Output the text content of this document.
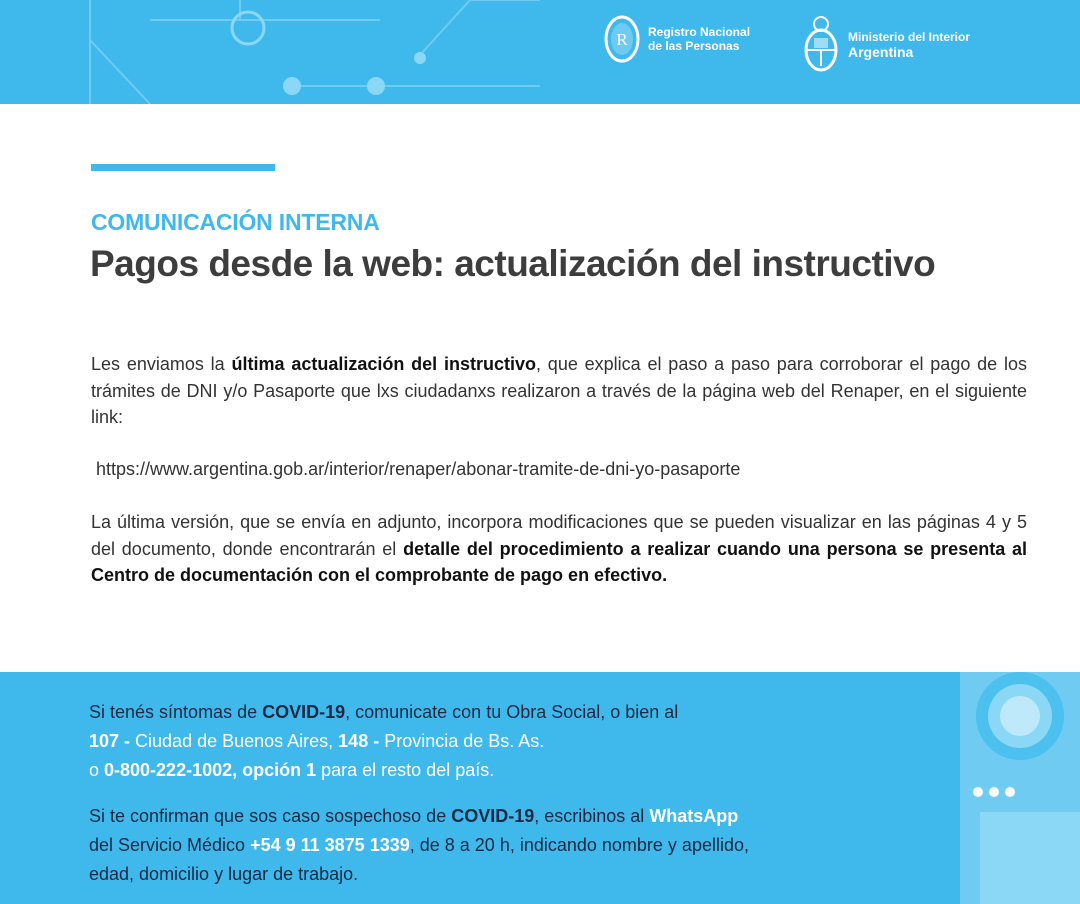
R Registro Nacional
de las Personas
Ministerio del Interior
Argentina
COMUNICACIÓN INTERNA
Pagos desde la web: actualización del instructivo
Les enviamos la última actualización del instructivo, que explica el paso a paso para corroborar el pago de los trámites de DNI y/o Pasaporte que lxs ciudadanxs realizaron a través de la página web del Renaper, en el siguiente link:
https://www.argentina.gob.ar/interior/renaper/abonar-tramite-de-dni-yo-pasaporte
La última versión, que se envía en adjunto, incorpora modificaciones que se pueden visualizar en las páginas 4 y 5 del documento, donde encontrarán el detalle del procedimiento a realizar cuando una persona se presenta al Centro de documentación con el comprobante de pago en efectivo.
Si tenés síntomas de COVID-19, comunicate con tu Obra Social, o bien al
107 - Ciudad de Buenos Aires, 148 - Provincia de Bs. As.
o 0-800-222-1002, opción 1 para el resto del país.
Si te confirman que sos caso sospechoso de COVID-19, escribinos al WhatsApp
del Servicio Médico +54 9 11 3875 1339, de 8 a 20 h, indicando nombre y apellido,
edad, domicilio y lugar de trabajo.
